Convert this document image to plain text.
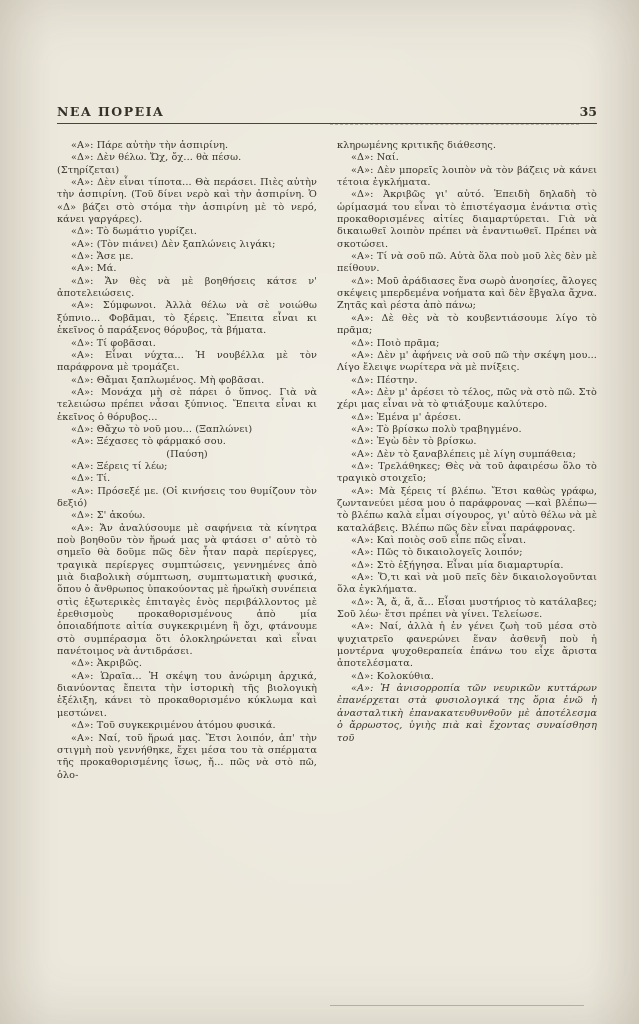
ΝΕΑ ΠΟΡΕΙΑ	35

«Α»: Πάρε αὐτὴν τὴν ἀσπιρίνη.

«Δ»: Δὲν θέλω. Ὤχ, ὄχ... θὰ πέσω.

(Στηρίζεται)

«Α»: Δὲν εἶναι τίποτα... Θὰ περάσει. Πιὲς αὐτὴν τὴν ἀσπιρίνη. (Τοῦ δίνει νερὸ καὶ τὴν ἀσπιρίνη. Ὁ «Δ» βάζει στὸ στόμα τὴν ἀσπιρίνη μὲ τὸ νερό, κάνει γαργάρες).

«Δ»: Τὸ δωμάτιο γυρίζει.

«Α»: (Τὸν πιάνει) Δὲν ξαπλώνεις λιγάκι;

«Δ»: Ἄσε με.

«Α»: Μά.

«Δ»: Ἄν θὲς νὰ μὲ βοηθήσεις κάτσε ν' ἀποτελειώσεις.

«Α»: Σύμφωνοι. Ἀλλὰ θέλω νὰ σὲ νοιώθω ξύπνιο... Φοβᾶμαι, τὸ ξέρεις. Ἔπειτα εἶναι κι ἐκεῖνος ὁ παράξενος θόρυβος, τὰ βήματα.

«Δ»: Τί φοβᾶσαι.

«Α»: Εἶναι νύχτα... Ἡ νουβέλλα μὲ τὸν παράφρονα μὲ τρομάζει.

«Δ»: Θἄμαι ξαπλωμένος. Μὴ φοβᾶσαι.

«Α»: Μονάχα μὴ σὲ πάρει ὁ ὕπνος. Γιὰ νὰ τελειώσω πρέπει νἆσαι ξύπνιος. Ἔπειτα εἶναι κι ἐκεῖνος ὁ θόρυβος...

«Δ»: Θἄχω τὸ νοῦ μου... (Ξαπλώνει)

«Α»: Ξέχασες τὸ φάρμακό σου.

(Παύση)

«Α»: Ξέρεις τί λέω;

«Δ»: Τί.

«Α»: Πρόσεξέ με. (Οἱ κινήσεις του θυμίζουν τὸν δεξιό)

«Δ»: Σ' ἀκούω.

«Α»: Ἄν ἀναλύσουμε μὲ σαφήνεια τὰ κίνητρα ποὺ βοηθοῦν τὸν ἥρωά μας νὰ φτάσει σ' αὐτὸ τὸ σημεῖο θὰ δοῦμε πῶς δὲν ἦταν παρὰ περίεργες, τραγικὰ περίεργες συμπτώσεις, γεννημένες ἀπὸ μιὰ διαβολικὴ σύμπτωση, συμπτωματικὴ φυσικά, ὅπου ὁ ἄνθρωπος ὑπακούοντας μὲ ἡρωϊκὴ συνέπεια στὶς ἐξωτερικὲς ἐπιταγὲς ἑνὸς περιβάλλοντος μὲ ἐρεθισμοὺς προκαθορισμένους ἀπὸ μία ὁποιαδήποτε αἰτία συγκεκριμένη ἢ ὄχι, φτάνουμε στὸ συμπέρασμα ὅτι ὁλοκληρώνεται καὶ εἶναι πανέτοιμος νὰ ἀντιδράσει.

«Δ»: Ἀκριβῶς.

«Α»: Ὡραῖα... Ἡ σκέψη του ἀνώριμη ἀρχικά, διανύοντας ἔπειτα τὴν ἱστορικὴ τῆς βιολογικὴ ἐξέλιξη, κάνει τὸ προκαθορισμένο κύκλωμα καὶ μεστώνει.

«Δ»: Τοῦ συγκεκριμένου ἀτόμου φυσικά.

«Α»: Ναί, τοῦ ἥρωά μας. Ἔτσι λοιπόν, ἀπ' τὴν στιγμὴ ποὺ γεννήθηκε, ἔχει μέσα του τὰ σπέρματα τῆς προκαθορισμένης ἴσως, ἤ... πῶς νὰ στὸ πῶ, ὁλο-

κληρωμένης κριτικῆς διάθεσης.

«Δ»: Ναί.

«Α»: Δὲν μπορεῖς λοιπὸν νὰ τὸν βάζεις νὰ κάνει τέτοια ἐγκλήματα.

«Δ»: Ἀκριβῶς γι' αὐτό. Ἐπειδὴ δηλαδὴ τὸ ὡρίμασμά του εἶναι τὸ ἐπιστέγασμα ἐνάντια στὶς προκαθορισμένες αἰτίες διαμαρτύρεται. Γιὰ νὰ δικαιωθεῖ λοιπὸν πρέπει νὰ ἐναντιωθεῖ. Πρέπει νὰ σκοτώσει.

«Α»: Τί νὰ σοῦ πῶ. Αὐτὰ ὅλα ποὺ μοῦ λὲς δὲν μὲ πείθουν.

«Δ»: Μοῦ ἀράδιασες ἕνα σωρὸ ἀνοησίες, ἄλογες σκέψεις μπερδεμένα νοήματα καὶ δὲν ἔβγαλα ἄχνα. Ζητᾶς καὶ ρέστα ἀπὸ πάνω;

«Α»: Δὲ θὲς νὰ τὸ κουβεντιάσουμε λίγο τὸ πρᾶμα;

«Δ»: Ποιὸ πρᾶμα;

«Α»: Δὲν μ' ἀφήνεις νὰ σοῦ πῶ τὴν σκέψη μου... Λίγο ἔλειψε νωρίτερα νὰ μὲ πνίξεις.

«Δ»: Πέστην.

«Α»: Δὲν μ' ἀρέσει τὸ τέλος, πῶς νὰ στὸ πῶ. Στὸ χέρι μας εἶναι νὰ τὸ φτιάξουμε καλύτερο.

«Δ»: Ἐμένα μ' ἀρέσει.

«Α»: Τὸ βρίσκω πολὺ τραβηγμένο.

«Δ»: Ἐγὼ δὲν τὸ βρίσκω.

«Α»: Δὲν τὸ ξαναβλέπεις μὲ λίγη συμπάθεια;

«Δ»: Τρελάθηκες; Θὲς νὰ τοῦ ἀφαιρέσω ὅλο τὸ τραγικὸ στοιχεῖο;

«Α»: Μὰ ξέρεις τί βλέπω. Ἔτσι καθὼς γράφω, ζωντανεύει μέσα μου ὁ παράφρονας —καὶ βλέπω— τὸ βλέπω καλὰ εἶμαι σίγουρος, γι' αὐτὸ θέλω νὰ μὲ καταλάβεις. Βλέπω πῶς δὲν εἶναι παράφρονας.

«Α»: Καὶ ποιὸς σοῦ εἶπε πῶς εἶναι.

«Α»: Πῶς τὸ δικαιολογεῖς λοιπόν;

«Δ»: Στὸ ἐξήγησα. Εἶναι μία διαμαρτυρία.

«Α»: Ὅ,τι καὶ νὰ μοῦ πεῖς δὲν δικαιολογοῦνται ὅλα ἐγκλήματα.

«Δ»: Ἄ, ἄ, ἄ, ἄ... Εἶσαι μυστήριος τὸ κατάλαβες; Σοῦ λέω· ἔτσι πρέπει νὰ γίνει. Τελείωσε.

«Α»: Ναί, ἀλλὰ ἡ ἐν γένει ζωὴ τοῦ μέσα στὸ ψυχιατρεῖο φανερώνει ἕναν ἀσθενῆ ποὺ ἡ μοντέρνα ψυχοθεραπεία ἐπάνω του εἶχε ἄριστα ἀποτελέσματα.

«Δ»: Κολοκύθια.

«Α»: Ἡ ἀνισορροπία τῶν νευρικῶν κυττάρων ἐπανέρχεται στὰ φυσιολογικά της ὅρια ἐνῶ ἡ ἀνασταλτικὴ ἐπανακατευθυνθοῦν μὲ ἀποτέλεσμα ὁ ἄρρωστος, ὑγιὴς πιὰ καὶ ἔχοντας συναίσθηση τοῦ
